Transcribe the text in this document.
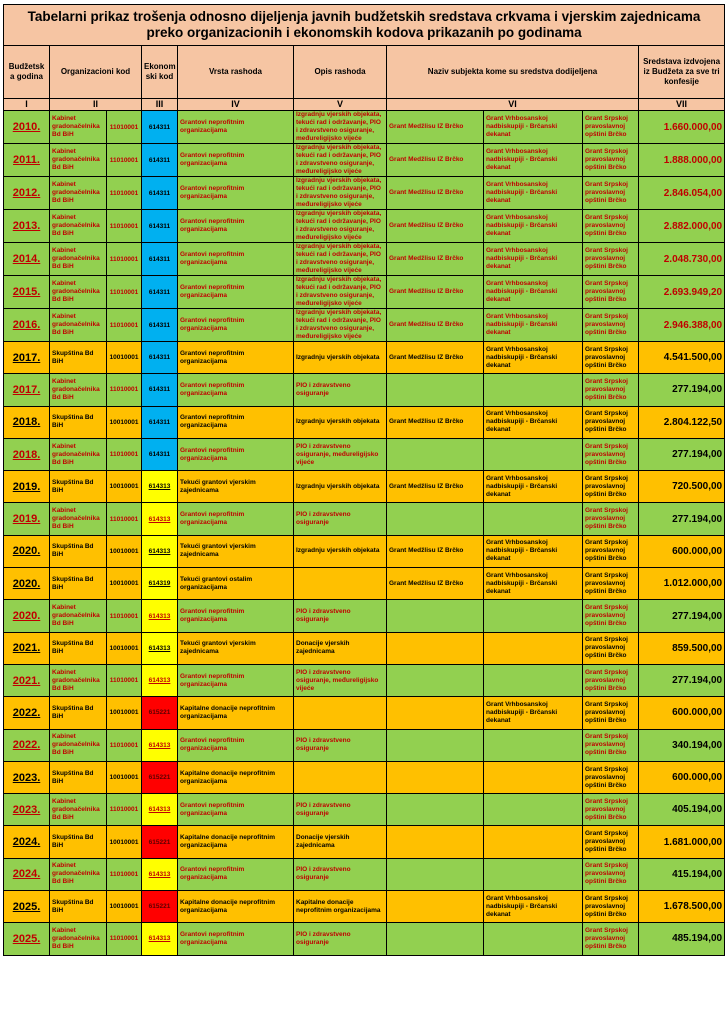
Tabelarni prikaz trošenja odnosno dijeljenja javnih budžetskih sredstava crkvama i vjerskim zajednicama preko organizacionih i ekonomskih kodova prikazanih po godinama									
Budžetsk a godina	Organizacioni kod		Ekonom ski kod	Vrsta rashoda	Opis rashoda	Naziv subjekta kome su sredstva dodijeljena			Sredstava izdvojena iz Budžeta za sve tri konfesije
I	II		III	IV	V	VI			VII
2010.	Kabinet gradonačelnika Bd BiH	11010001	614311	Grantovi neprofitnim organizacijama	Izgradnju vjerskih objekata, tekući rad i održavanje, PIO i zdravstveno osiguranje, međureligijsko vijeće	Grant Medžlisu IZ Brčko	Grant Vrhbosanskoj nadbiskupiji - Brčanski dekanat	Grant Srpskoj pravoslavnoj opštini Brčko	1.660.000,00
2011.	Kabinet gradonačelnika Bd BiH	11010001	614311	Grantovi neprofitnim organizacijama	Izgradnju vjerskih objekata, tekući rad i održavanje, PIO i zdravstveno osiguranje, međureligijsko vijeće	Grant Medžlisu IZ Brčko	Grant Vrhbosanskoj nadbiskupiji - Brčanski dekanat	Grant Srpskoj pravoslavnoj opštini Brčko	1.888.000,00
2012.	Kabinet gradonačelnika Bd BiH	11010001	614311	Grantovi neprofitnim organizacijama	Izgradnju vjerskih objekata, tekući rad i održavanje, PIO i zdravstveno osiguranje, međureligijsko vijeće	Grant Medžlisu IZ Brčko	Grant Vrhbosanskoj nadbiskupiji - Brčanski dekanat	Grant Srpskoj pravoslavnoj opštini Brčko	2.846.054,00
2013.	Kabinet gradonačelnika Bd BiH	11010001	614311	Grantovi neprofitnim organizacijama	Izgradnju vjerskih objekata, tekući rad i održavanje, PIO i zdravstveno osiguranje, međureligijsko vijeće	Grant Medžlisu IZ Brčko	Grant Vrhbosanskoj nadbiskupiji - Brčanski dekanat	Grant Srpskoj pravoslavnoj opštini Brčko	2.882.000,00
2014.	Kabinet gradonačelnika Bd BiH	11010001	614311	Grantovi neprofitnim organizacijama	Izgradnju vjerskih objekata, tekući rad i održavanje, PIO i zdravstveno osiguranje, međureligijsko vijeće	Grant Medžlisu IZ Brčko	Grant Vrhbosanskoj nadbiskupiji - Brčanski dekanat	Grant Srpskoj pravoslavnoj opštini Brčko	2.048.730,00
2015.	Kabinet gradonačelnika Bd BiH	11010001	614311	Grantovi neprofitnim organizacijama	Izgradnju vjerskih objekata, tekući rad i održavanje, PIO i zdravstveno osiguranje, međureligijsko vijeće	Grant Medžlisu IZ Brčko	Grant Vrhbosanskoj nadbiskupiji - Brčanski dekanat	Grant Srpskoj pravoslavnoj opštini Brčko	2.693.949,20
2016.	Kabinet gradonačelnika Bd BiH	11010001	614311	Grantovi neprofitnim organizacijama	Izgradnju vjerskih objekata, tekući rad i održavanje, PIO i zdravstveno osiguranje, međureligijsko vijeće	Grant Medžlisu IZ Brčko	Grant Vrhbosanskoj nadbiskupiji - Brčanski dekanat	Grant Srpskoj pravoslavnoj opštini Brčko	2.946.388,00
2017.	Skupština Bd BiH	10010001	614311	Grantovi neprofitnim organizacijama	Izgradnju vjerskih objekata	Grant Medžlisu IZ Brčko	Grant Vrhbosanskoj nadbiskupiji - Brčanski dekanat	Grant Srpskoj pravoslavnoj opštini Brčko	4.541.500,00
2017.	Kabinet gradonačelnika Bd BiH	11010001	614311	Grantovi neprofitnim organizacijama	PIO i zdravstveno osiguranje			Grant Srpskoj pravoslavnoj opštini Brčko	277.194,00
2018.	Skupština Bd BiH	10010001	614311	Grantovi neprofitnim organizacijama	Izgradnju vjerskih objekata	Grant Medžlisu IZ Brčko	Grant Vrhbosanskoj nadbiskupiji - Brčanski dekanat	Grant Srpskoj pravoslavnoj opštini Brčko	2.804.122,50
2018.	Kabinet gradonačelnika Bd BiH	11010001	614311	Grantovi neprofitnim organizacijama	PIO i zdravstveno osiguranje, međureligijsko vijeće			Grant Srpskoj pravoslavnoj opštini Brčko	277.194,00
2019.	Skupština Bd BiH	10010001	614313	Tekući grantovi vjerskim zajednicama	Izgradnju vjerskih objekata	Grant Medžlisu IZ Brčko	Grant Vrhbosanskoj nadbiskupiji - Brčanski dekanat	Grant Srpskoj pravoslavnoj opštini Brčko	720.500,00
2019.	Kabinet gradonačelnika Bd BiH	11010001	614313	Grantovi neprofitnim organizacijama	PIO i zdravstveno osiguranje			Grant Srpskoj pravoslavnoj opštini Brčko	277.194,00
2020.	Skupština Bd BiH	10010001	614313	Tekući grantovi vjerskim zajednicama	Izgradnju vjerskih objekata	Grant Medžlisu IZ Brčko	Grant Vrhbosanskoj nadbiskupiji - Brčanski dekanat	Grant Srpskoj pravoslavnoj opštini Brčko	600.000,00
2020.	Skupština Bd BiH	10010001	614319	Tekući grantovi ostalim organizacijama		Grant Medžlisu IZ Brčko	Grant Vrhbosanskoj nadbiskupiji - Brčanski dekanat	Grant Srpskoj pravoslavnoj opštini Brčko	1.012.000,00
2020.	Kabinet gradonačelnika Bd BiH	11010001	614313	Grantovi neprofitnim organizacijama	PIO i zdravstveno osiguranje			Grant Srpskoj pravoslavnoj opštini Brčko	277.194,00
2021.	Skupština Bd BiH	10010001	614313	Tekući grantovi vjerskim zajednicama	Donacije vjerskih zajednicama			Grant Srpskoj pravoslavnoj opštini Brčko	859.500,00
2021.	Kabinet gradonačelnika Bd BiH	11010001	614313	Grantovi neprofitnim organizacijama	PIO i zdravstveno osiguranje, međureligijsko vijeće			Grant Srpskoj pravoslavnoj opštini Brčko	277.194,00
2022.	Skupština Bd BiH	10010001	615221	Kapitalne donacije neprofitnim organizacijama			Grant Vrhbosanskoj nadbiskupiji - Brčanski dekanat	Grant Srpskoj pravoslavnoj opštini Brčko	600.000,00
2022.	Kabinet gradonačelnika Bd BiH	11010001	614313	Grantovi neprofitnim organizacijama	PIO i zdravstveno osiguranje			Grant Srpskoj pravoslavnoj opštini Brčko	340.194,00
2023.	Skupština Bd BiH	10010001	615221	Kapitalne donacije neprofitnim organizacijama				Grant Srpskoj pravoslavnoj opštini Brčko	600.000,00
2023.	Kabinet gradonačelnika Bd BiH	11010001	614313	Grantovi neprofitnim organizacijama	PIO i zdravstveno osiguranje			Grant Srpskoj pravoslavnoj opštini Brčko	405.194,00
2024.	Skupština Bd BiH	10010001	615221	Kapitalne donacije neprofitnim organizacijama	Donacije vjerskih zajednicama			Grant Srpskoj pravoslavnoj opštini Brčko	1.681.000,00
2024.	Kabinet gradonačelnika Bd BiH	11010001	614313	Grantovi neprofitnim organizacijama	PIO i zdravstveno osiguranje			Grant Srpskoj pravoslavnoj opštini Brčko	415.194,00
2025.	Skupština Bd BiH	10010001	615221	Kapitalne donacije neprofitnim organizacijama	Kapitalne donacije neprofitnim organizacijama		Grant Vrhbosanskoj nadbiskupiji - Brčanski dekanat	Grant Srpskoj pravoslavnoj opštini Brčko	1.678.500,00
2025.	Kabinet gradonačelnika Bd BiH	11010001	614313	Grantovi neprofitnim organizacijama	PIO i zdravstveno osiguranje			Grant Srpskoj pravoslavnoj opštini Brčko	485.194,00
